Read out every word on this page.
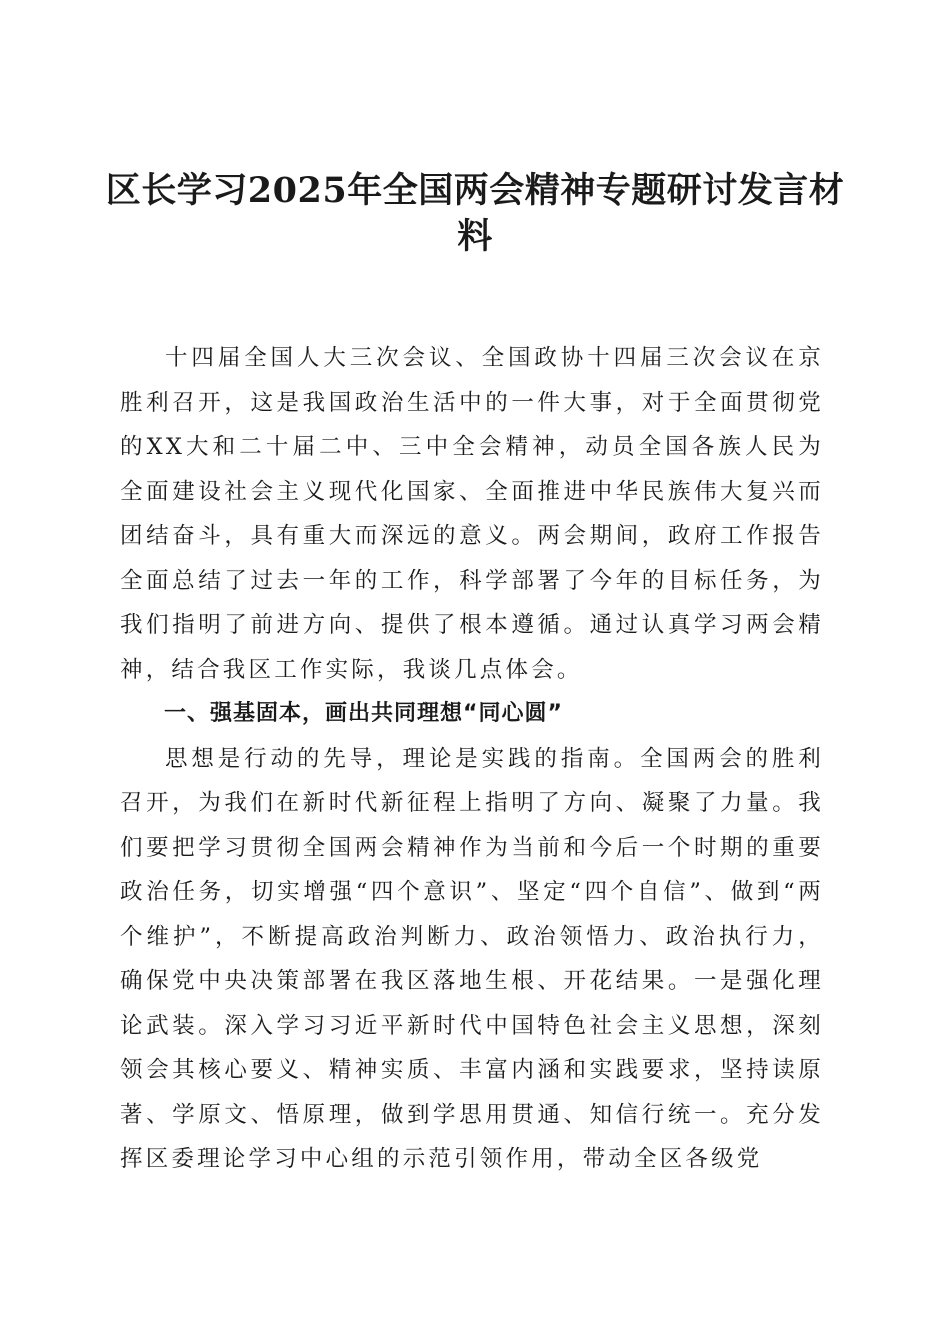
区长学习2025年全国两会精神专题研讨发言材料

十四届全国人大三次会议、全国政协十四届三次会议在京胜利召开，这是我国政治生活中的一件大事，对于全面贯彻党的XX大和二十届二中、三中全会精神，动员全国各族人民为全面建设社会主义现代化国家、全面推进中华民族伟大复兴而团结奋斗，具有重大而深远的意义。两会期间，政府工作报告全面总结了过去一年的工作，科学部署了今年的目标任务，为我们指明了前进方向、提供了根本遵循。通过认真学习两会精神，结合我区工作实际，我谈几点体会。

一、强基固本，画出共同理想“同心圆”

思想是行动的先导，理论是实践的指南。全国两会的胜利召开，为我们在新时代新征程上指明了方向、凝聚了力量。我们要把学习贯彻全国两会精神作为当前和今后一个时期的重要政治任务，切实增强“四个意识”、坚定“四个自信”、做到“两个维护”，不断提高政治判断力、政治领悟力、政治执行力，确保党中央决策部署在我区落地生根、开花结果。一是强化理论武装。深入学习习近平新时代中国特色社会主义思想，深刻领会其核心要义、精神实质、丰富内涵和实践要求，坚持读原著、学原文、悟原理，做到学思用贯通、知信行统一。充分发挥区委理论学习中心组的示范引领作用，带动全区各级党
